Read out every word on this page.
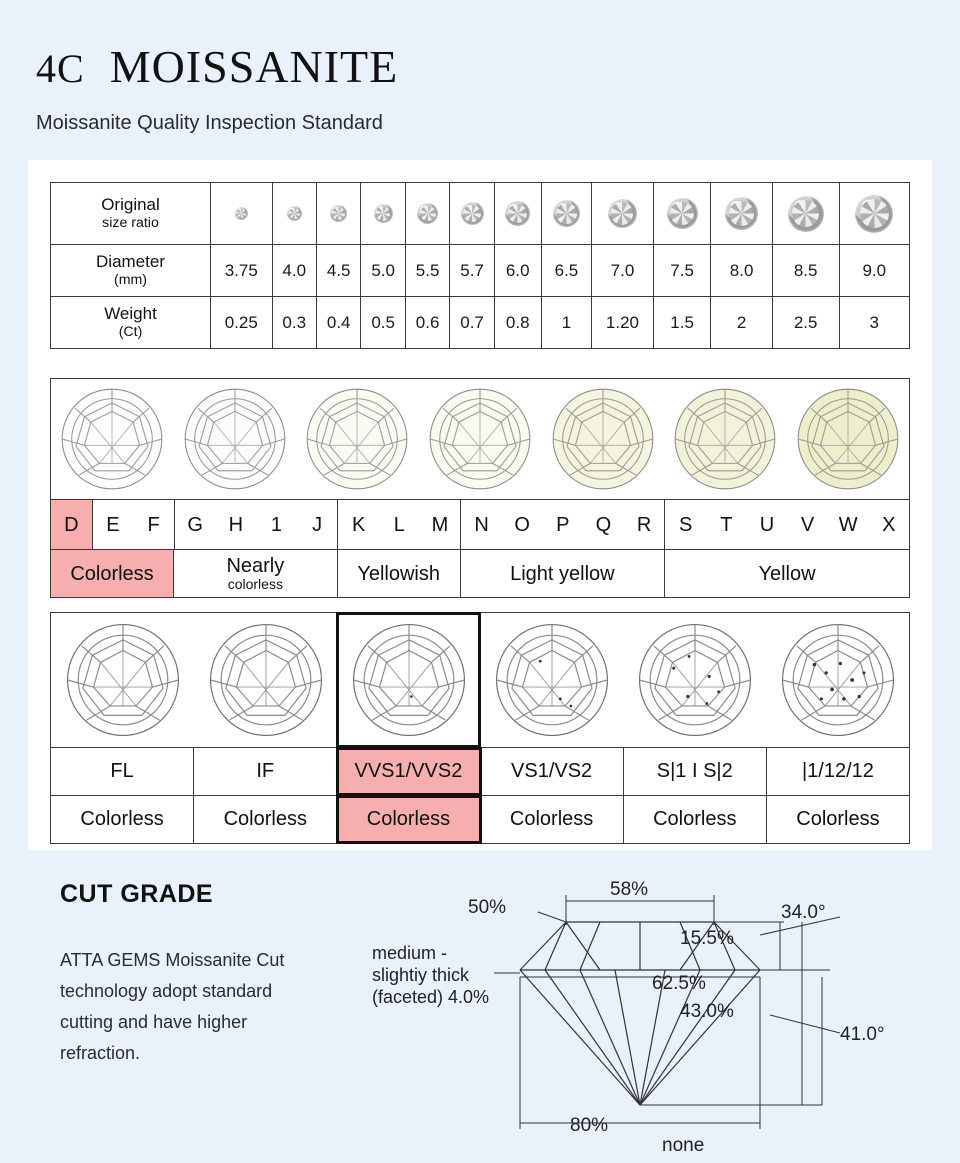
4C MOISSANITE
Moissanite Quality Inspection Standard
Original
size ratio													

Diameter
(mm)	3.75	4.0	4.5	5.0	5.5	5.7	6.0	6.5	7.0	7.5	8.0	8.5	9.0
Weight
(Ct)	0.25	0.3	0.4	0.5	0.6	0.7	0.8	1	1.20	1.5	2	2.5	3
D	E	F	G	H	1	J	K	L	M	N	O	P	Q	R	S	T	U	V	W	X
Colorless	Nearly
colorless	Yellowish	Light yellow	Yellow
FL	IF	VVS1/VVS2	VS1/VS2	S|1 I S|2	|1/12/12
Colorless	Colorless	Colorless	Colorless	Colorless	Colorless
CUT GRADE
ATTA GEMS Moissanite Cut technology adopt standard cutting and have higher refraction.
50%
58%
34.0°
15.5%
62.5%
43.0%
41.0°
80%
none
medium - slightiy thick (faceted) 4.0%
